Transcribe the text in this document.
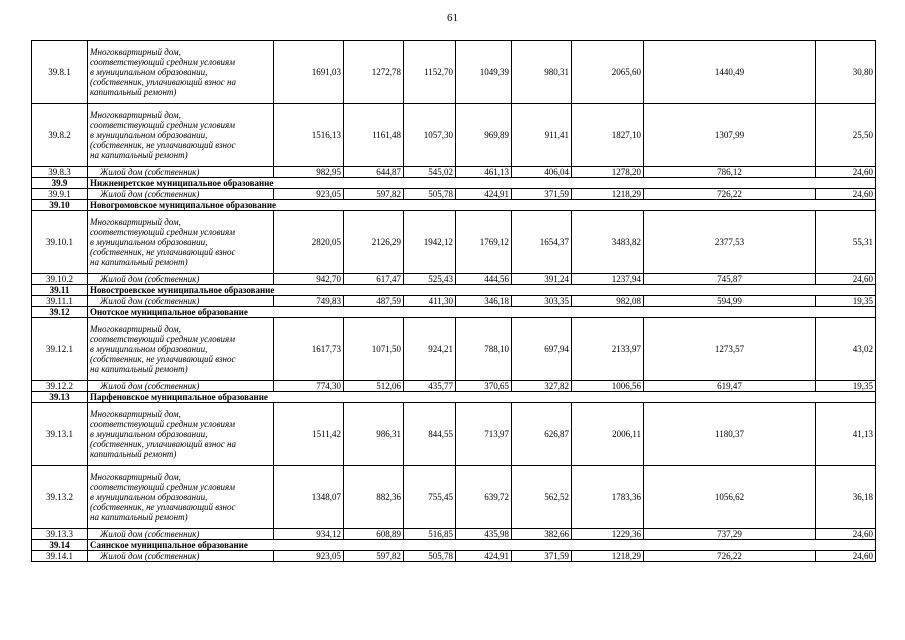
61
39.8.1	Многоквартирный дом,
соответствующий средним условиям
в муниципальном образовании,
(собственник, уплачивающий взнос на
капитальный ремонт)	1691,03	1272,78	1152,70	1049,39	980,31	2065,60	1440,49	30,80
39.8.2	Многоквартирный дом,
соответствующий средним условиям
в муниципальном образовании,
(собственник, не уплачивающий взнос
на капитальный ремонт)	1516,13	1161,48	1057,30	969,89	911,41	1827,10	1307,99	25,50
39.8.3	Жилой дом (собственник)	982,95	644,87	545,02	461,13	406,04	1278,20	786,12	24,60
39.9	Нижнеиретское муниципальное образование								
39.9.1	Жилой дом (собственник)	923,05	597,82	505,78	424,91	371,59	1218,29	726,22	24,60
39.10	Новогромовское муниципальное образование								
39.10.1	Многоквартирный дом,
соответствующий средним условиям
в муниципальном образовании,
(собственник, не уплачивающий взнос
на капитальный ремонт)	2820,05	2126,29	1942,12	1769,12	1654,37	3483,82	2377,53	55,31
39.10.2	Жилой дом (собственник)	942,70	617,47	525,43	444,56	391,24	1237,94	745,87	24,60
39.11	Новостроевское муниципальное образование								
39.11.1	Жилой дом (собственник)	749,83	487,59	411,30	346,18	303,35	982,08	594,99	19,35
39.12	Онотское муниципальное образование								
39.12.1	Многоквартирный дом,
соответствующий средним условиям
в муниципальном образовании,
(собственник, не уплачивающий взнос
на капитальный ремонт)	1617,73	1071,50	924,21	788,10	697,94	2133,97	1273,57	43,02
39.12.2	Жилой дом (собственник)	774,30	512,06	435,77	370,65	327,82	1006,56	619,47	19,35
39.13	Парфеновское муниципальное образование								
39.13.1	Многоквартирный дом,
соответствующий средним условиям
в муниципальном образовании,
(собственник, уплачивающий взнос на
капитальный ремонт)	1511,42	986,31	844,55	713,97	626,87	2006,11	1180,37	41,13
39.13.2	Многоквартирный дом,
соответствующий средним условиям
в муниципальном образовании,
(собственник, не уплачивающий взнос
на капитальный ремонт)	1348,07	882,36	755,45	639,72	562,52	1783,36	1056,62	36,18
39.13.3	Жилой дом (собственник)	934,12	608,89	516,85	435,98	382,66	1229,36	737,29	24,60
39.14	Саянское муниципальное образование								
39.14.1	Жилой дом (собственник)	923,05	597,82	505,78	424,91	371,59	1218,29	726,22	24,60
